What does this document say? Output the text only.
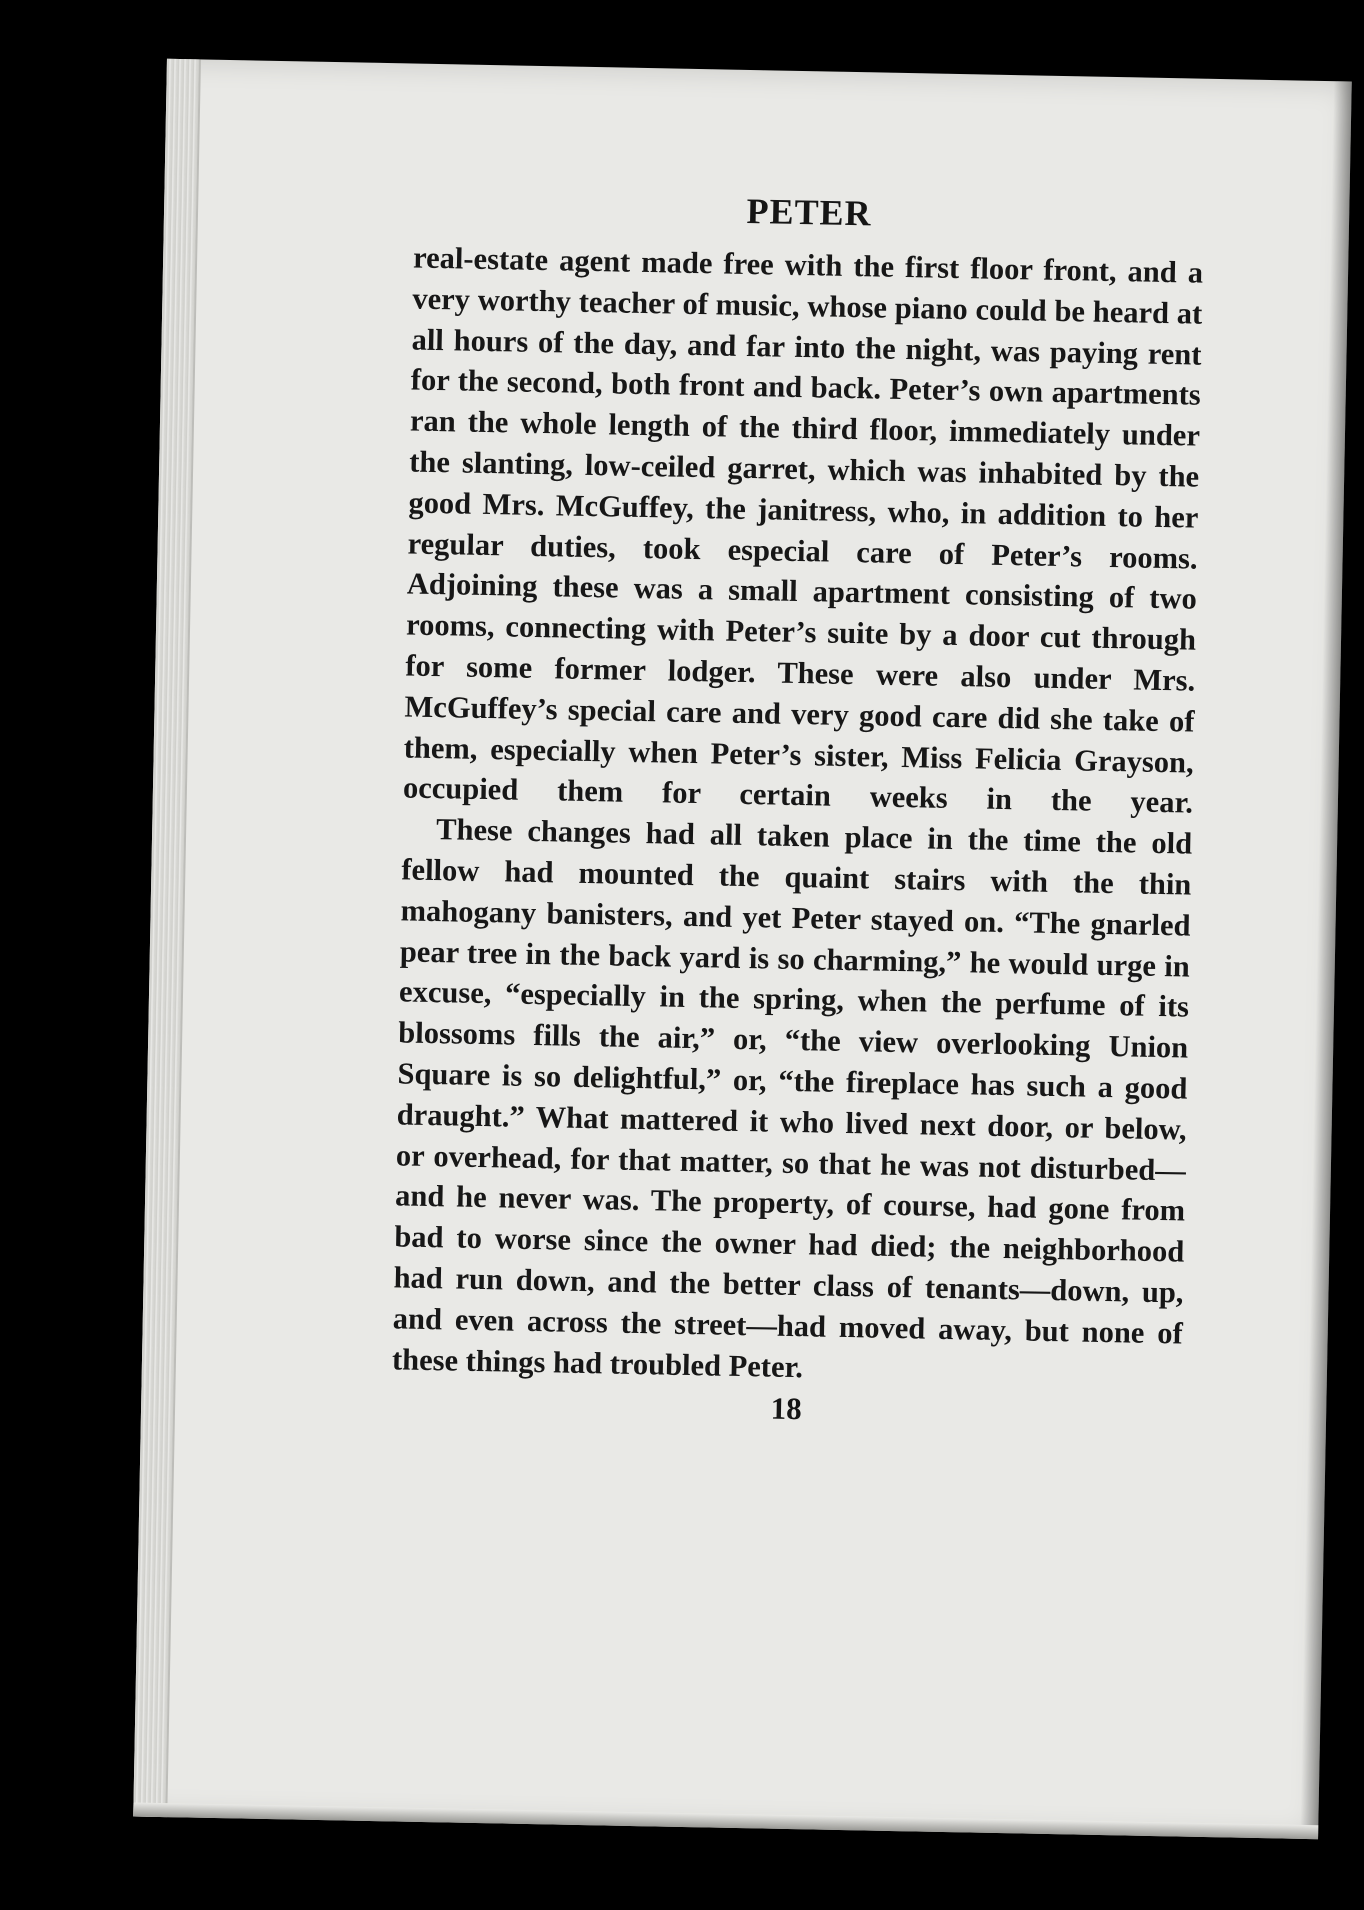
PETER

real-estate agent made free with the first floor front, and a very worthy teacher of music, whose piano could be heard at all hours of the day, and far into the night, was paying rent for the second, both front and back. Peter’s own apartments ran the whole length of the third floor, immediately under the slanting, low-ceiled garret, which was inhabited by the good Mrs. McGuffey, the janitress, who, in addition to her regular duties, took especial care of Peter’s rooms. Adjoining these was a small apartment consisting of two rooms, connecting with Peter’s suite by a door cut through for some former lodger. These were also under Mrs. McGuffey’s special care and very good care did she take of them, especially when Peter’s sister, Miss Felicia Grayson, occupied them for certain weeks in the year.

These changes had all taken place in the time the old fellow had mounted the quaint stairs with the thin mahogany banisters, and yet Peter stayed on. “The gnarled pear tree in the back yard is so charming,” he would urge in excuse, “especially in the spring, when the perfume of its blossoms fills the air,” or, “the view overlooking Union Square is so delightful,” or, “the fireplace has such a good draught.” What mattered it who lived next door, or below, or overhead, for that matter, so that he was not disturbed—and he never was. The property, of course, had gone from bad to worse since the owner had died; the neighborhood had run down, and the better class of tenants—down, up, and even across the street—had moved away, but none of these things had troubled Peter.

18
